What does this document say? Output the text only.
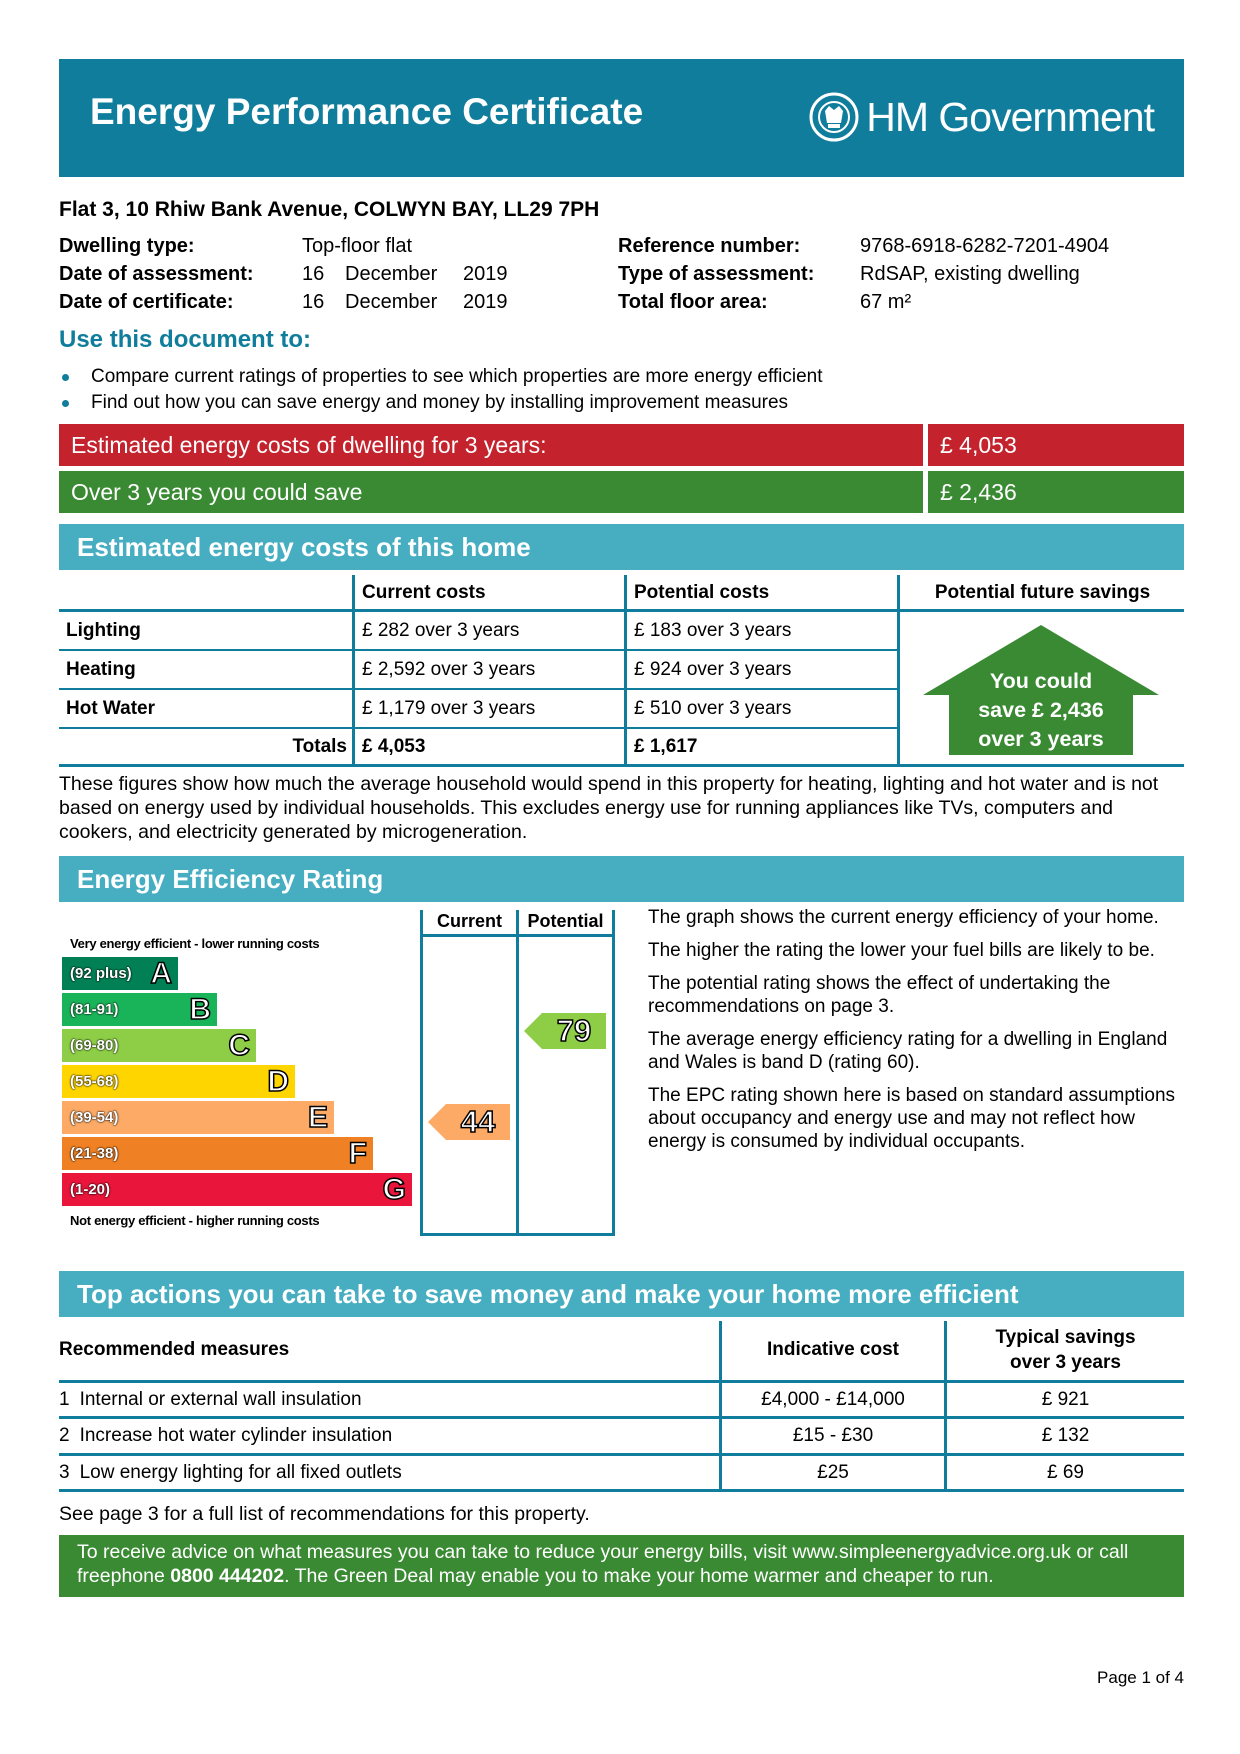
Energy Performance Certificate	HM Government
Flat 3, 10 Rhiw Bank Avenue, COLWYN BAY, LL29 7PH
Dwelling type:	Top-floor flat
Date of assessment: 16 December 2019
Date of certificate:	16 December 2019
Reference number:	9768-6918-6282-7201-4904
Type of assessment: RdSAP, existing dwelling
Total floor area:	67 m²
Use this document to:
Compare current ratings of properties to see which properties are more energy efficient
Find out how you can save energy and money by installing improvement measures
Estimated energy costs of dwelling for 3 years:	£ 4,053
Over 3 years you could save	£ 2,436
Estimated energy costs of this home
Current costs	Potential costs	Potential future savings
Lighting	£ 282 over 3 years	£ 183 over 3 years
Heating	£ 2,592 over 3 years	£ 924 over 3 years
Hot Water	£ 1,179 over 3 years	£ 510 over 3 years
Totals £ 4,053	£ 1,617
You could
save £ 2,436
over 3 years
These figures show how much the average household would spend in this property for heating, lighting and hot water and is not based on energy used by individual households. This excludes energy use for running appliances like TVs, computers and cookers, and electricity generated by microgeneration.
Energy Efficiency Rating
Very energy efficient - lower running costs
(92 plus) A
(81-91) B
(69-80)	C
(55-68)	D
(39-54)	E
(21-38)	F
(1-20)	G
Not energy efficient - higher running costs
Current	Potential
44
79

The graph shows the current energy efficiency of your home.

The higher the rating the lower your fuel bills are likely to be.

The potential rating shows the effect of undertaking the recommendations on page 3.

The average energy efficiency rating for a dwelling in England and Wales is band D (rating 60).

The EPC rating shown here is based on standard assumptions about occupancy and energy use and may not reflect how energy is consumed by individual occupants.

Top actions you can take to save money and make your home more efficient
Recommended measures	Indicative cost
Typical savings
over 3 years
1 Internal or external wall insulation	£4,000 - £14,000	£ 921
2 Increase hot water cylinder insulation	£15 - £30	£ 132
3 Low energy lighting for all fixed outlets	£25	£ 69
See page 3 for a full list of recommendations for this property.
To receive advice on what measures you can take to reduce your energy bills, visit www.simpleenergyadvice.org.uk or call freephone 0800 444202. The Green Deal may enable you to make your home warmer and cheaper to run.
Page 1 of 4
